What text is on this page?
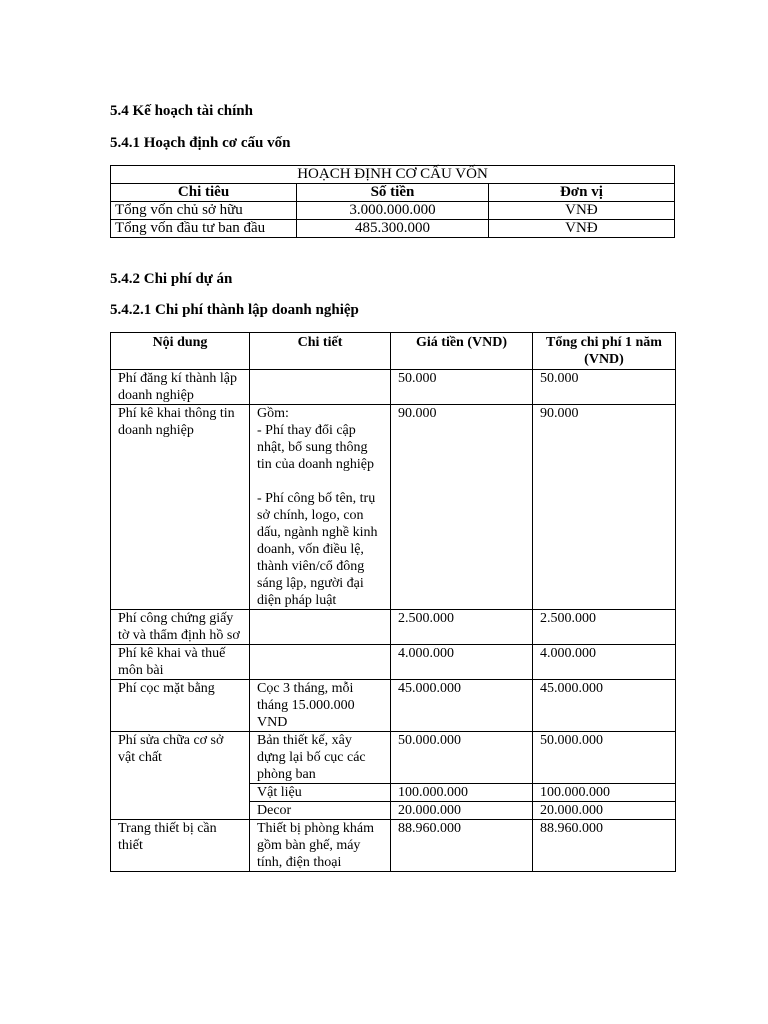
5.4 Kế hoạch tài chính

5.4.1 Hoạch định cơ cấu vốn

HOẠCH ĐỊNH CƠ CẤU VỐN		
Chi tiêu	Số tiền	Đơn vị
Tổng vốn chủ sở hữu	3.000.000.000	VNĐ
Tổng vốn đầu tư ban đầu	485.300.000	VNĐ

5.4.2 Chi phí dự án

5.4.2.1 Chi phí thành lập doanh nghiệp

Nội dung	Chi tiết	Giá tiền (VND)	Tổng chi phí 1 năm
(VND)
Phí đăng kí thành lập doanh nghiệp		50.000	50.000
Phí kê khai thông tin doanh nghiệp	Gồm:
- Phí thay đổi cập nhật, bổ sung thông tin của doanh nghiệp

- Phí công bố tên, trụ sở chính, logo, con dấu, ngành nghề kinh doanh, vốn điều lệ, thành viên/cổ đông sáng lập, người đại diện pháp luật	90.000	90.000
Phí công chứng giấy tờ và thẩm định hồ sơ		2.500.000	2.500.000
Phí kê khai và thuế môn bài		4.000.000	4.000.000
Phí cọc mặt bằng	Cọc 3 tháng, mỗi tháng 15.000.000 VND	45.000.000	45.000.000
Phí sửa chữa cơ sở vật chất	Bản thiết kế, xây dựng lại bố cục các phòng ban	50.000.000	50.000.000
	Vật liệu	100.000.000	100.000.000
	Decor	20.000.000	20.000.000
Trang thiết bị cần thiết	Thiết bị phòng khám gồm bàn ghế, máy tính, điện thoại	88.960.000	88.960.000
